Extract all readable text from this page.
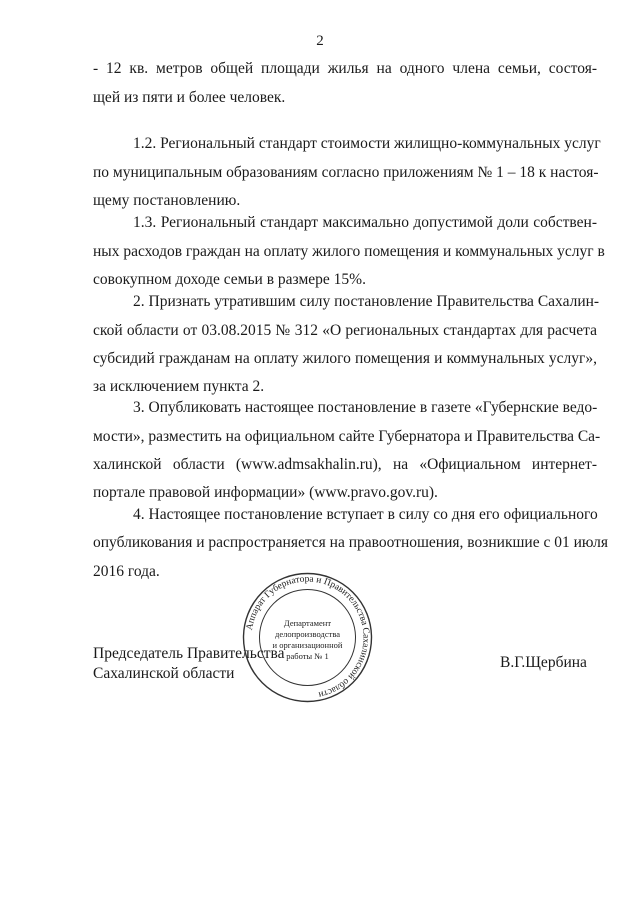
2
- 12 кв. метров общей площади жилья на одного члена семьи, состоя-
щей из пяти и более человек.
1.2. Региональный стандарт стоимости жилищно-коммунальных услуг
по муниципальным образованиям согласно приложениям № 1 – 18 к настоя-
щему постановлению.
1.3. Региональный стандарт максимально допустимой доли собствен-
ных расходов граждан на оплату жилого помещения и коммунальных услуг в
совокупном доходе семьи в размере 15%.
2. Признать утратившим силу постановление Правительства Сахалин-
ской области от 03.08.2015 № 312 «О региональных стандартах для расчета
субсидий гражданам на оплату жилого помещения и коммунальных услуг»,
за исключением пункта 2.
3. Опубликовать настоящее постановление в газете «Губернские ведо-
мости», разместить на официальном сайте Губернатора и Правительства Са-
халинской области (www.admsakhalin.ru), на «Официальном интернет-
портале правовой информации» (www.pravo.gov.ru).
4. Настоящее постановление вступает в силу со дня его официального
опубликования и распространяется на правоотношения, возникшие с 01 июля
2016 года.
Председатель Правительства
Сахалинской области
В.Г.Щербина
Аппарат Губернатора и Правительства Сахалинской области
Департамент
делопроизводства
и организационной
работы № 1
